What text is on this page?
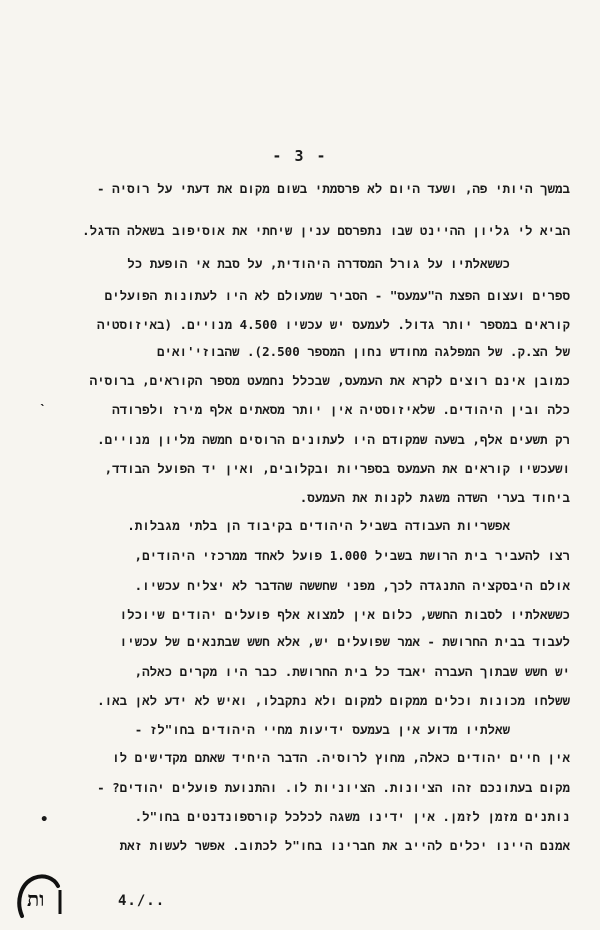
- 3 -
במשך היותי פה, ושעד היום לא פרסמתי בשום מקום את דעתי על רוסיה -
הביא לי גליון ההיינט שבו נתפרסם ענין שיחתי את אוסיפוב בשאלה הדגל.
כששאלתיו על גורל המסדרה היהודית, על סבת אי הופעת כל
ספרים ועצום הפצת ה"עמעס" - הסביר שמעולם לא היו לעתונות הפועלים
קוראים במספר יותר גדול. לעמעס יש עכשיו 4.500 מנויים. (באיזוסטיה
של הצ.ק. של המפלגה מחודש נחון המספר 2.500). שהבוזי'ואים
כמובן אינם רוצים לקרא את העמעס, שבכלל נחמעט מספר הקוראים, ברוסיה
כלה ובין היהודים. שלאיזוסטיה אין יותר מסאתים אלף מירז ולפרודה
רק תשעים אלף, בשעה שמקודם היו לעתונים הרוסים חמשה מליון מנויים.
ושעכשיו קוראים את העמעס בספריות ובקלובים, ואין יד הפועל הבודד,
ביחוד בערי השדה משגת לקנות את העמעס.
אפשריות העבודה בשביל היהודים בקיבוד הן בלתי מגבלות.
רצו להעביר בית הרושת בשביל 1.000 פועל לאחד ממרכזי היהודים,
אולם היבסקציה התנגדה לכך, מפני שחששה שהדבר לא יצליח עכשיו.
כששאלתיו לסבות החשש, כלום אין למצוא אלף פועלים יהודים שיוכלו
לעבוד בבית החרושת - אמר שפועלים יש, אלא חשש שבתנאים של עכשיו
יש חשש שבתוך העברה יאבד כל בית החרושת. כבר היו מקרים כאלה,
ששלחו מכונות וכלים ממקום למקום ולא נתקבלו, ואיש לא ידע לאן באו.
שאלתיו מדוע אין בעמעס ידיעות מחיי היהודים בחו"לז -
אין חיים יהודים כאלה, מחוץ לרוסיה. הדבר היחיד שאתם מקדישים לו
מקום בעתונכם זהו הציונות. הציוניות לו. והתנועת פועלים יהודים? -
נותנים מזמן לזמן. אין ידינו משגה לכלכל קורספונדנטים בחו"ל.
אמנם היינו יכלים להייב את חברינו בחו"ל לכתוב. אפשר לעשות זאת
ˋ
•
ות	4./..
